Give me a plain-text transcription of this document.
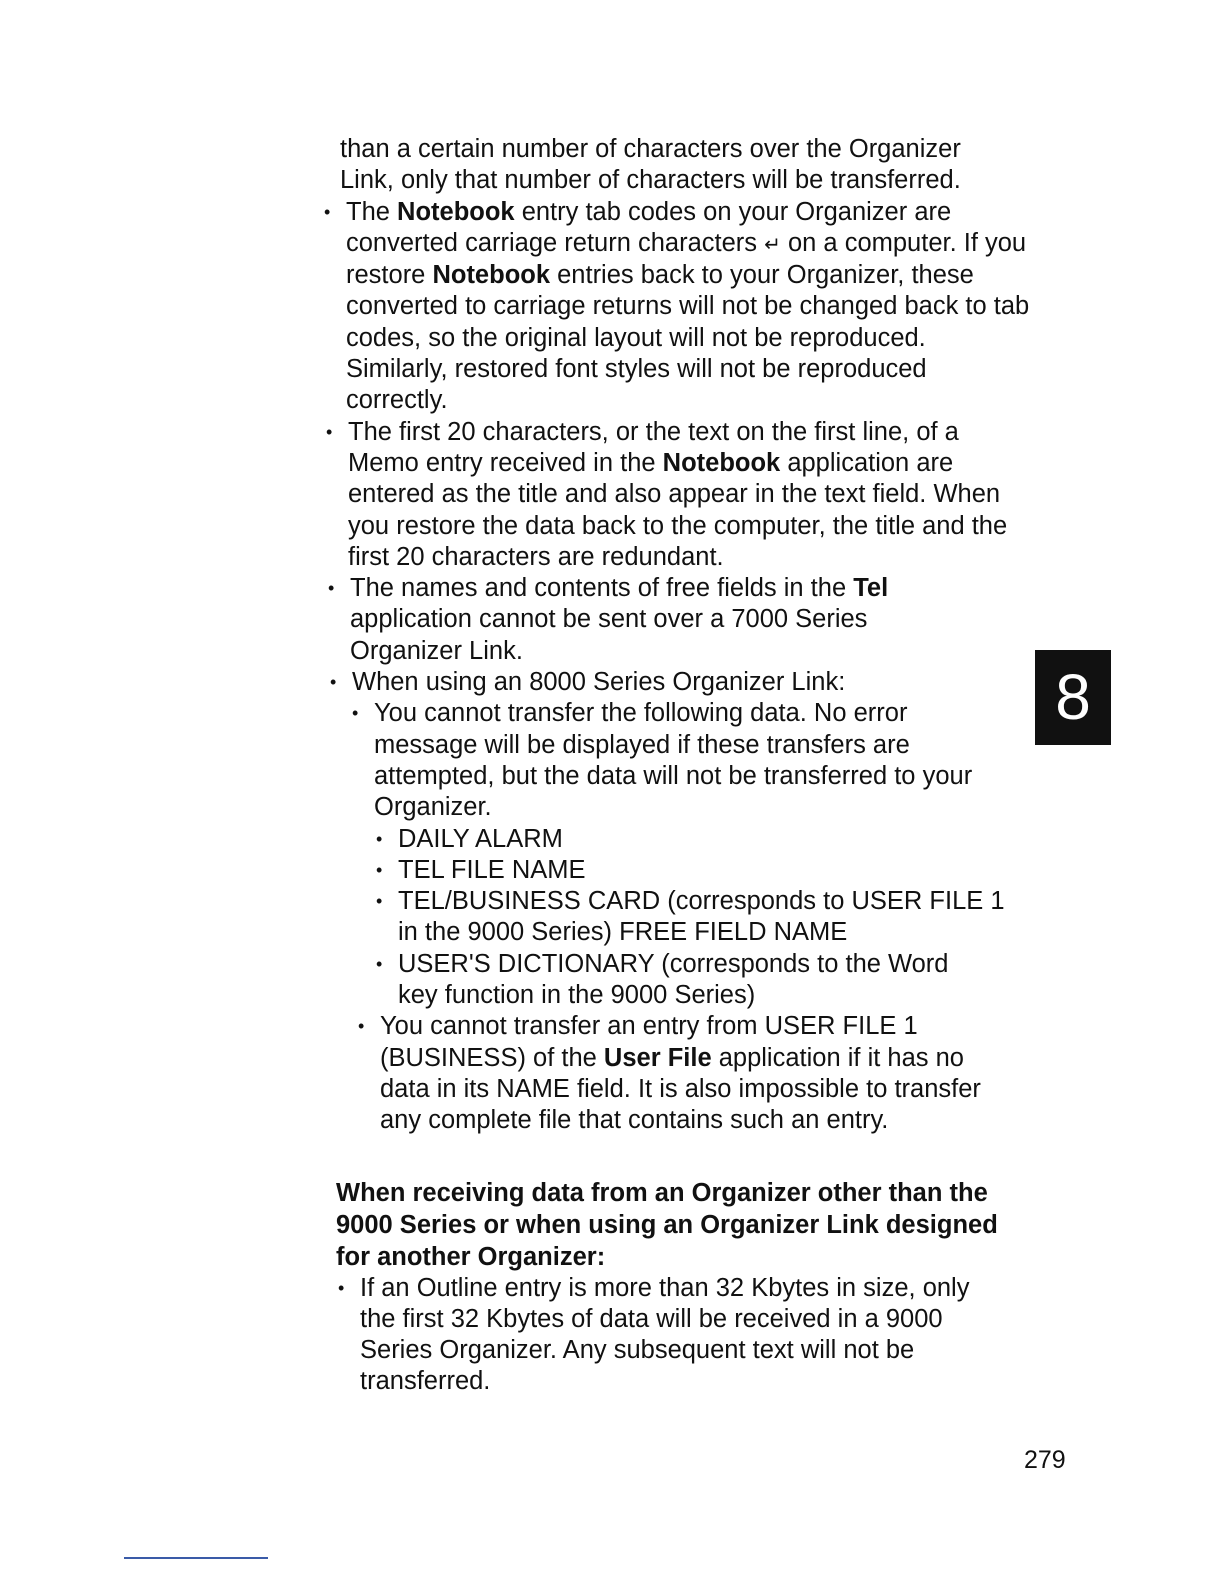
than a certain number of characters over the Organizer

Link, only that number of characters will be transferred.

• The Notebook entry tab codes on your Organizer are converted carriage return characters ↵ on a computer. If you restore Notebook entries back to your Organizer, these converted to carriage returns will not be changed back to tab codes, so the original layout will not be reproduced. Similarly, restored font styles will not be reproduced correctly.
• The first 20 characters, or the text on the first line, of a Memo entry received in the Notebook application are entered as the title and also appear in the text field. When you restore the data back to the computer, the title and the first 20 characters are redundant.
• The names and contents of free fields in the Tel application cannot be sent over a 7000 Series Organizer Link.
• When using an 8000 Series Organizer Link:
• You cannot transfer the following data. No error message will be displayed if these transfers are attempted, but the data will not be transferred to your Organizer.
• DAILY ALARM
• TEL FILE NAME
• TEL/BUSINESS CARD (corresponds to USER FILE 1 in the 9000 Series) FREE FIELD NAME
• USER'S DICTIONARY (corresponds to the Word key function in the 9000 Series)
• You cannot transfer an entry from USER FILE 1 (BUSINESS) of the User File application if it has no data in its NAME field. It is also impossible to transfer any complete file that contains such an entry.

When receiving data from an Organizer other than the 9000 Series or when using an Organizer Link designed for another Organizer:

• If an Outline entry is more than 32 Kbytes in size, only the first 32 Kbytes of data will be received in a 9000 Series Organizer. Any subsequent text will not be transferred.
8
279
